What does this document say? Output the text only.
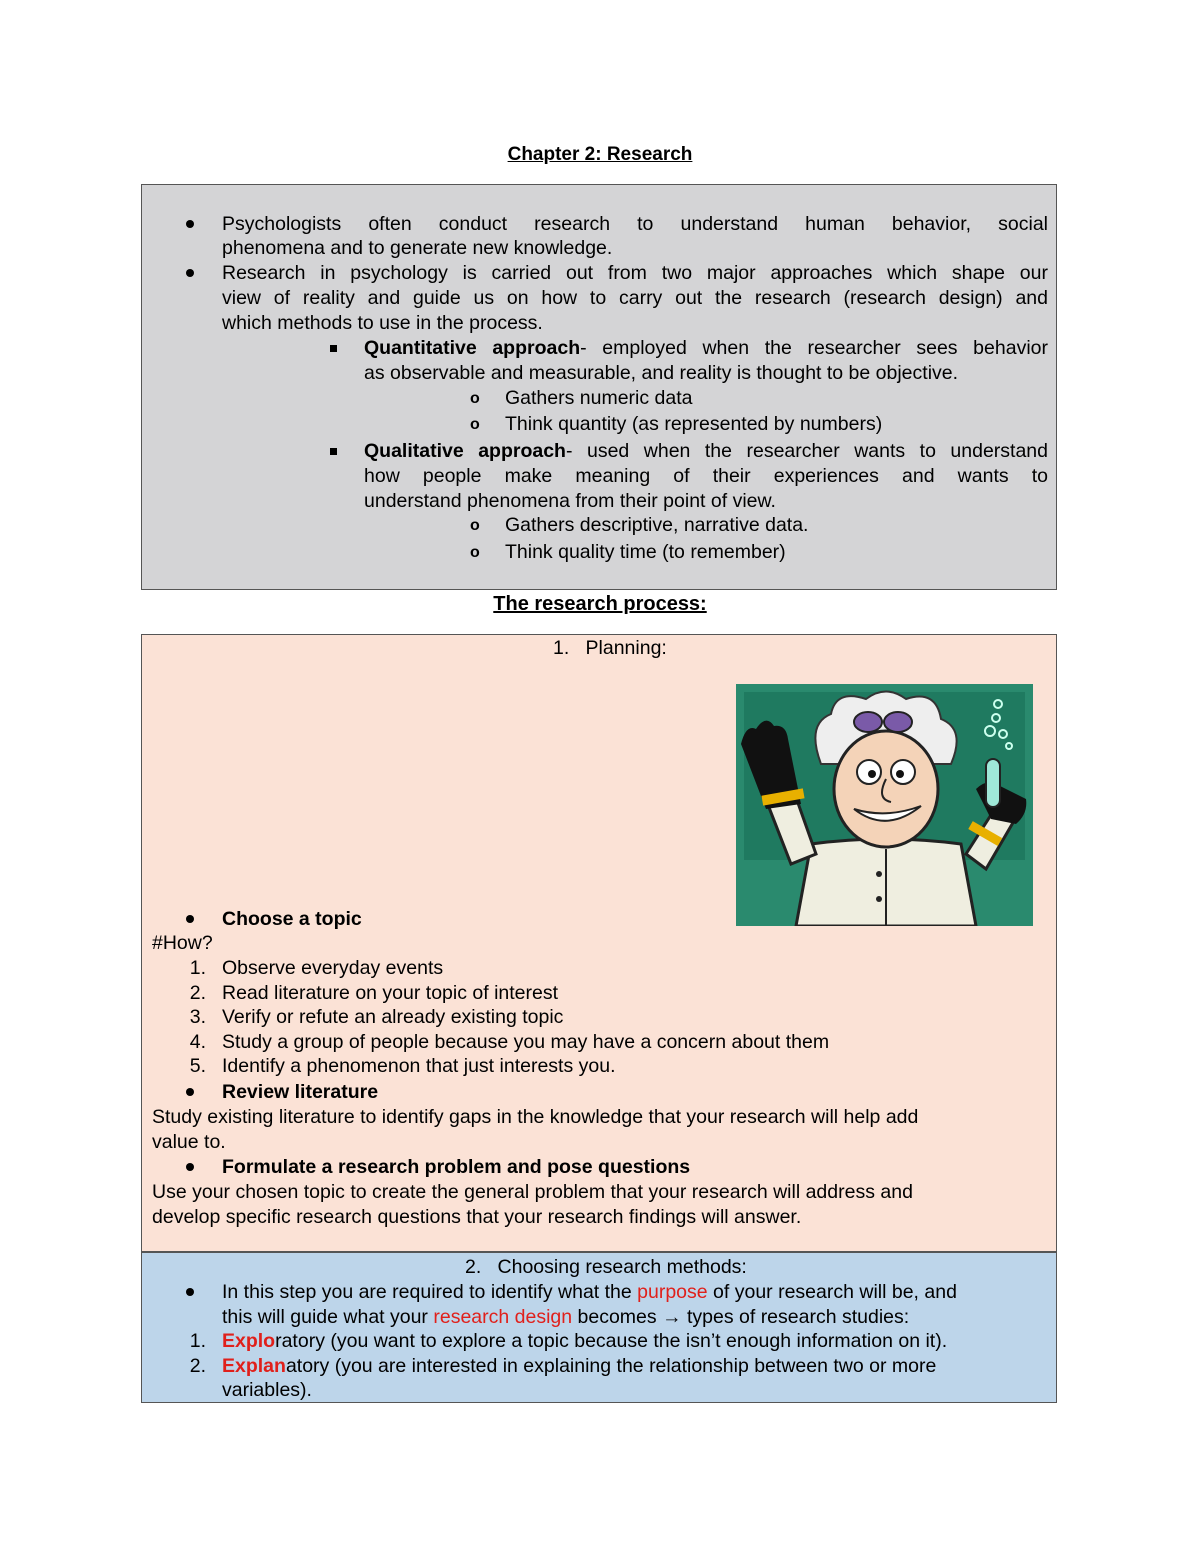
Chapter 2: Research
Psychologists often conduct research to understand human behavior, social
phenomena and to generate new knowledge.
Research in psychology is carried out from two major approaches which shape our
view of reality and guide us on how to carry out the research (research design) and
which methods to use in the process.
Quantitative approach- employed when the researcher sees behavior
as observable and measurable, and reality is thought to be objective.
o Gathers numeric data
o Think quantity (as represented by numbers)
Qualitative approach- used when the researcher wants to understand
how people make meaning of their experiences and wants to
understand phenomena from their point of view.
o Gathers descriptive, narrative data.
o Think quality time (to remember)
The research process:
1. Planning:
Choose a topic
#How?
1. Observe everyday events
2. Read literature on your topic of interest
3. Verify or refute an already existing topic
4. Study a group of people because you may have a concern about them
5. Identify a phenomenon that just interests you.
Review literature
Study existing literature to identify gaps in the knowledge that your research will help add
value to.
Formulate a research problem and pose questions
Use your chosen topic to create the general problem that your research will address and
develop specific research questions that your research findings will answer.
2. Choosing research methods:
In this step you are required to identify what the purpose of your research will be, and
this will guide what your research design becomes → types of research studies:
1. Exploratory (you want to explore a topic because the isn’t enough information on it).
2. Explanatory (you are interested in explaining the relationship between two or more
variables).
